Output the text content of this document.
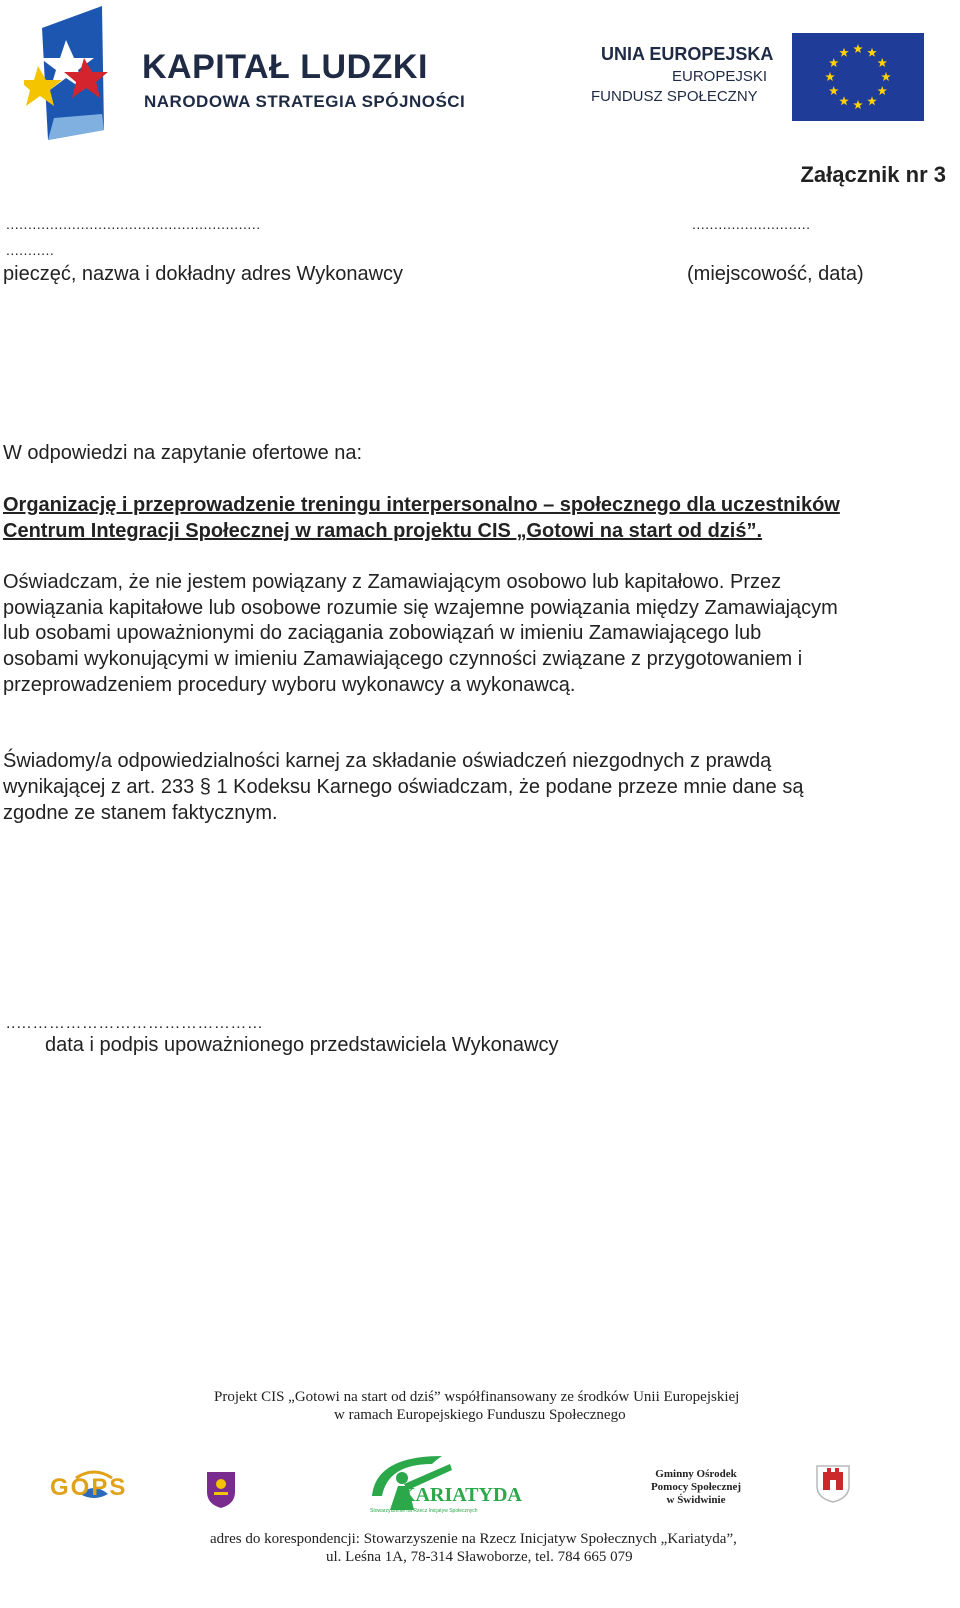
KAPITAŁ LUDZKI
NARODOWA STRATEGIA SPÓJNOŚCI
UNIA EUROPEJSKA
EUROPEJSKI
FUNDUSZ SPOŁECZNY
Załącznik nr 3
..........................................................
...........
...........................
pieczęć, nazwa i dokładny adres Wykonawcy	(miejscowość, data)
W odpowiedzi na zapytanie ofertowe na:
Organizację i przeprowadzenie treningu interpersonalno – społecznego dla uczestników
Centrum Integracji Społecznej w ramach projektu CIS „Gotowi na start od dziś”.
Oświadczam, że nie jestem powiązany z Zamawiającym osobowo lub kapitałowo. Przez
powiązania kapitałowe lub osobowe rozumie się wzajemne powiązania między Zamawiającym
lub osobami upoważnionymi do zaciągania zobowiązań w imieniu Zamawiającego lub
osobami wykonującymi w imieniu Zamawiającego czynności związane z przygotowaniem i
przeprowadzeniem procedury wyboru wykonawcy a wykonawcą.
Świadomy/a odpowiedzialności karnej za składanie oświadczeń niezgodnych z prawdą
wynikającej z art. 233 § 1 Kodeksu Karnego oświadczam, że podane przeze mnie dane są
zgodne ze stanem faktycznym.
..………………………………………
data i podpis upoważnionego przedstawiciela Wykonawcy
Projekt CIS „Gotowi na start od dziś” współfinansowany ze środków Unii Europejskiej
w ramach Europejskiego Funduszu Społecznego
GOPS	KARIATYDA
Stowarzyszenie na Rzecz Inicjatyw Społecznych
Gminny Ośrodek
Pomocy Społecznej
w Świdwinie
adres do korespondencji: Stowarzyszenie na Rzecz Inicjatyw Społecznych „Kariatyda”,
ul. Leśna 1A, 78-314 Sławoborze, tel. 784 665 079
